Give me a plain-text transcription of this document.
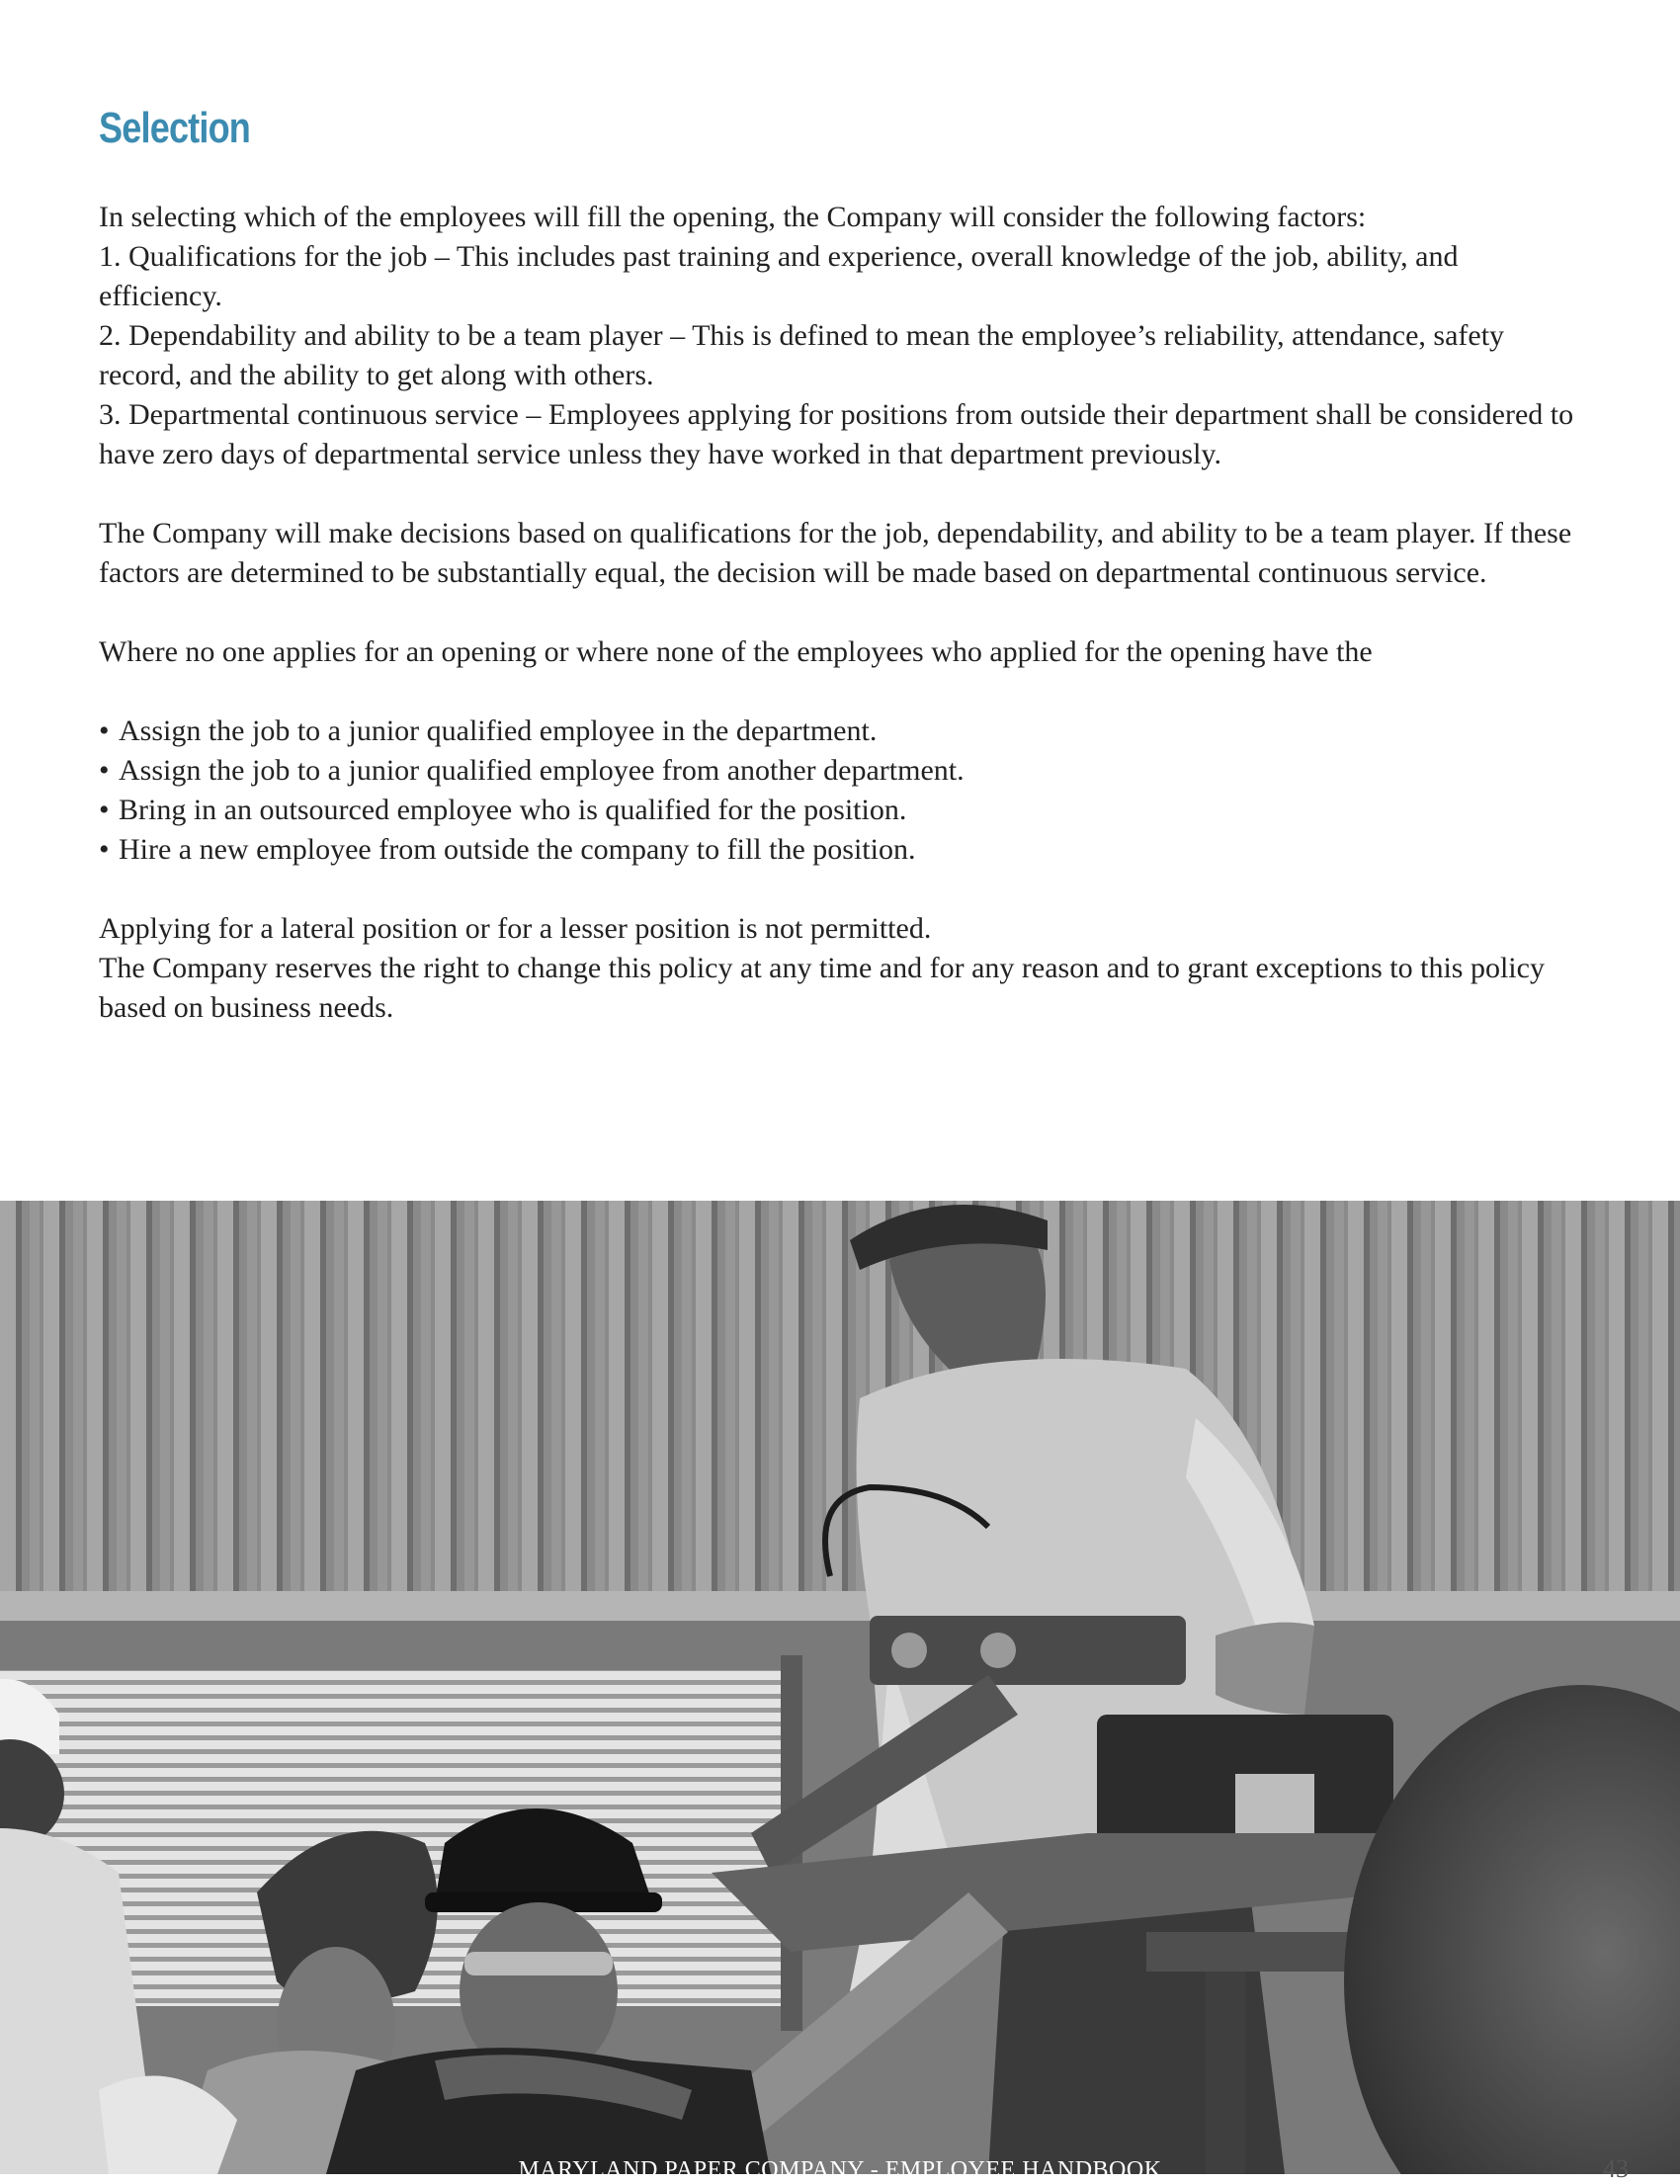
Selection

In selecting which of the employees will fill the opening, the Company will consider the following factors:

1. Qualifications for the job – This includes past training and experience, overall knowledge of the job, ability, and efficiency.

2. Dependability and ability to be a team player – This is defined to mean the employee’s reliability, attendance, safety record, and the ability to get along with others.

3. Departmental continuous service – Employees applying for positions from outside their department shall be considered to have zero days of departmental service unless they have worked in that department previously.

The Company will make decisions based on qualifications for the job, dependability, and ability to be a team player. If these factors are determined to be substantially equal, the decision will be made based on departmental continuous service.

Where no one applies for an opening or where none of the employees who applied for the opening have the

• Assign the job to a junior qualified employee in the department.
• Assign the job to a junior qualified employee from another department.
• Bring in an outsourced employee who is qualified for the position.
• Hire a new employee from outside the company to fill the position.

Applying for a lateral position or for a lesser position is not permitted.

The Company reserves the right to change this policy at any time and for any reason and to grant exceptions to this policy based on business needs.

MARYLAND PAPER COMPANY - EMPLOYEE HANDBOOK	43
